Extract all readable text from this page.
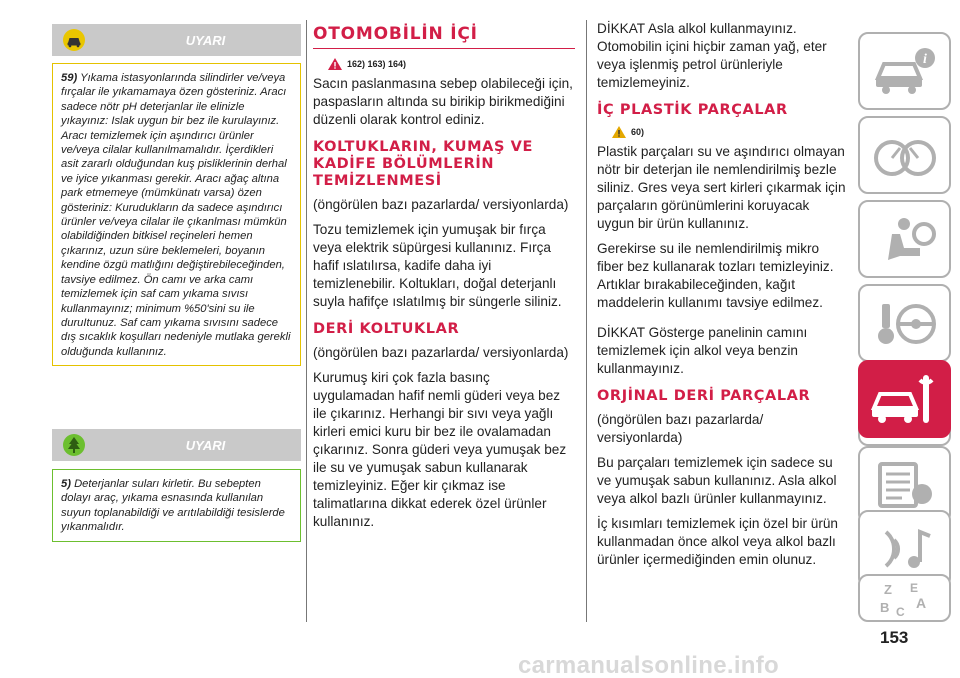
UYARI
59) Yıkama istasyonlarında silindirler ve/veya fırçalar ile yıkamamaya özen gösteriniz. Aracı sadece nötr pH deterjanlar ile elinizle yıkayınız: Islak uygun bir bez ile kurulayınız. Aracı temizlemek için aşındırıcı ürünler ve/veya cilalar kullanılmamalıdır. İçerdikleri asit zararlı olduğundan kuş pisliklerinin derhal ve iyice yıkanması gerekir. Aracı ağaç altına park etmemeye (mümkünatı varsa) özen gösteriniz: Kurudukların da sadece aşındırıcı ürünler ve/veya cilalar ile çıkanlması mümkün olabildiğinden bitkisel reçineleri hemen çıkarınız, uzun süre beklemeleri, boyanın kendine özgü matlığını değiştirebileceğinden, tavsiye edilmez. Ön camı ve arka camı temizlemek için saf cam yıkama sıvısı kullanmayınız; minimum %50'sini su ile duruItunuz. Saf cam yıkama sıvısını sadece dış sıcaklık koşulları nedeniyle mutlaka gerekli olduğunda kullanınız.
UYARI
5) Deterjanlar suları kirletir. Bu sebepten dolayı araç, yıkama esnasında kullanılan suyun toplanabildiği ve arıtılabildiği tesislerde yıkanmalıdır.
OTOMOBİLİN İÇİ
162) 163) 164)

Sacın paslanmasına sebep olabileceği için, paspasların altında su birikip birikmediğini düzenli olarak kontrol ediniz.

KOLTUKLARIN, KUMAŞ VE KADİFE BÖLÜMLERİN TEMİZLENMESİ

(öngörülen bazı pazarlarda/ versiyonlarda)

Tozu temizlemek için yumuşak bir fırça veya elektrik süpürgesi kullanınız. Fırça hafif ıslatılırsa, kadife daha iyi temizlenebilir. Koltukları, doğal deterjanlı suyla hafifçe ıslatılmış bir süngerle siliniz.

DERİ KOLTUKLAR

(öngörülen bazı pazarlarda/ versiyonlarda)

Kurumuş kiri çok fazla basınç uygulamadan hafif nemli güderi veya bez ile çıkarınız. Herhangi bir sıvı veya yağlı kirleri emici kuru bir bez ile ovalamadan çıkarınız. Sonra güderi veya yumuşak bez ile su ve yumuşak sabun kullanarak temizleyiniz. Eğer kir çıkmaz ise talimatlarına dikkat ederek özel ürünler kullanınız.

DİKKAT Asla alkol kullanmayınız. Otomobilin içini hiçbir zaman yağ, eter veya işlenmiş petrol ürünleriyle temizlemeyiniz.

İÇ PLASTİK PARÇALAR
60)

Plastik parçaları su ve aşındırıcı olmayan nötr bir deterjan ile nemlendirilmiş bezle siliniz. Gres veya sert kirleri çıkarmak için parçaların görünümlerini koruyacak uygun bir ürün kullanınız.

Gerekirse su ile nemlendirilmiş mikro fiber bez kullanarak tozları temizleyiniz. Artıklar bırakabileceğinden, kağıt maddelerin kullanımı tavsiye edilmez.

DİKKAT Gösterge panelinin camını temizlemek için alkol veya benzin kullanmayınız.

ORJİNAL DERİ PARÇALAR

(öngörülen bazı pazarlarda/ versiyonlarda)

Bu parçaları temizlemek için sadece su ve yumuşak sabun kullanınız. Asla alkol veya alkol bazlı ürünler kullanmayınız.

İç kısımları temizlemek için özel bir ürün kullanmadan önce alkol veya alkol bazlı ürünler içermediğinden emin olunuz.

i
Z E
A
B C
153
carmanualsonline.info
